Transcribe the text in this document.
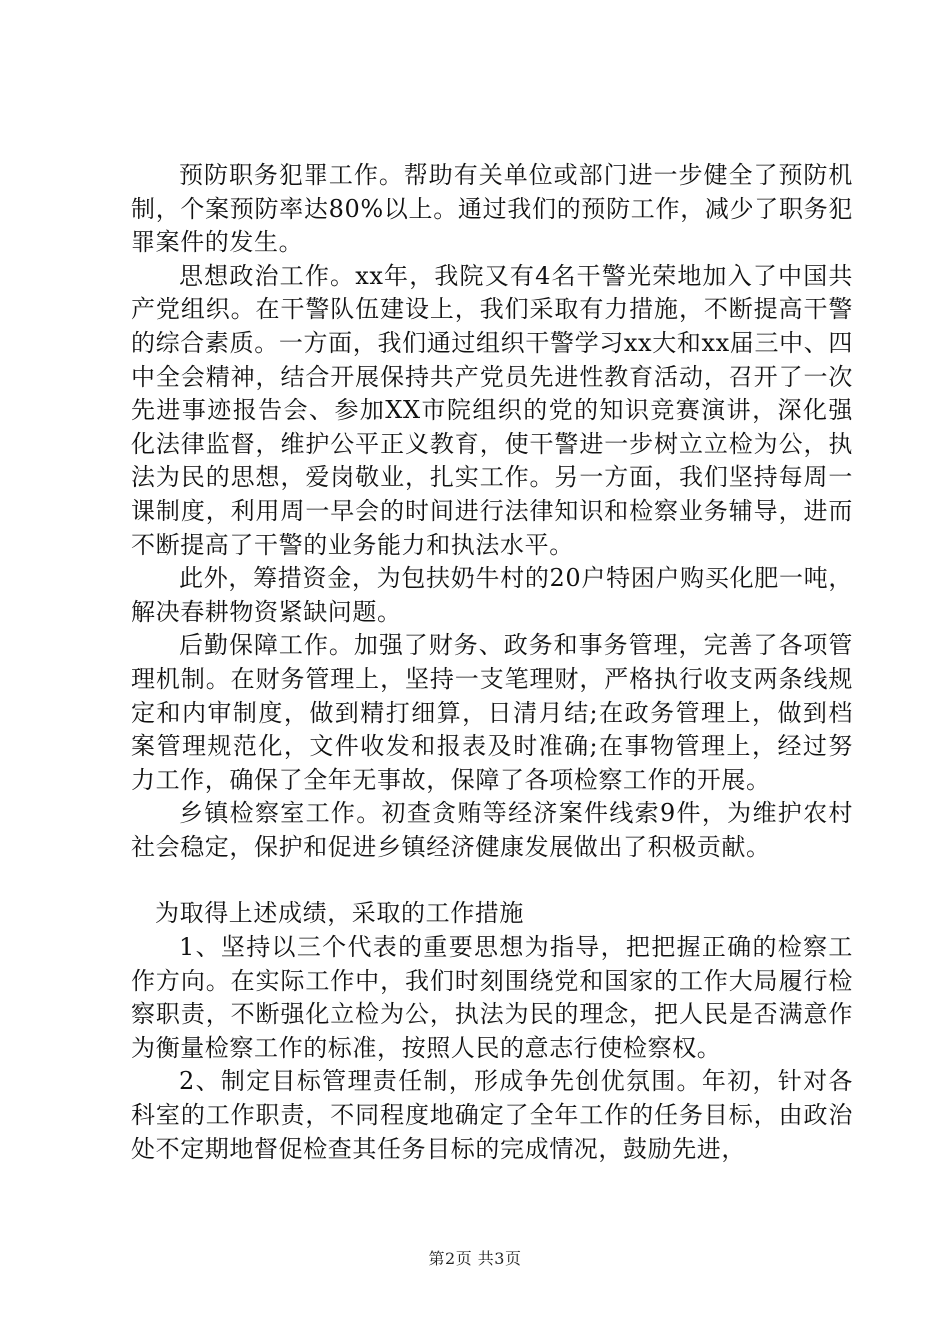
预防职务犯罪工作。帮助有关单位或部门进一步健全了预防机制，个案预防率达80%以上。通过我们的预防工作，减少了职务犯罪案件的发生。

思想政治工作。xx年，我院又有4名干警光荣地加入了中国共产党组织。在干警队伍建设上，我们采取有力措施，不断提高干警的综合素质。一方面，我们通过组织干警学习xx大和xx届三中、四中全会精神，结合开展保持共产党员先进性教育活动，召开了一次先进事迹报告会、参加XX市院组织的党的知识竞赛演讲，深化强化法律监督，维护公平正义教育，使干警进一步树立立检为公，执法为民的思想，爱岗敬业，扎实工作。另一方面，我们坚持每周一课制度，利用周一早会的时间进行法律知识和检察业务辅导，进而不断提高了干警的业务能力和执法水平。

此外，筹措资金，为包扶奶牛村的20户特困户购买化肥一吨，解决春耕物资紧缺问题。

后勤保障工作。加强了财务、政务和事务管理，完善了各项管理机制。在财务管理上，坚持一支笔理财，严格执行收支两条线规定和内审制度，做到精打细算，日清月结;在政务管理上，做到档案管理规范化，文件收发和报表及时准确;在事物管理上，经过努力工作，确保了全年无事故，保障了各项检察工作的开展。

乡镇检察室工作。初查贪贿等经济案件线索9件，为维护农村社会稳定，保护和促进乡镇经济健康发展做出了积极贡献。

为取得上述成绩，采取的工作措施

1、坚持以三个代表的重要思想为指导，把把握正确的检察工作方向。在实际工作中，我们时刻围绕党和国家的工作大局履行检察职责，不断强化立检为公，执法为民的理念，把人民是否满意作为衡量检察工作的标准，按照人民的意志行使检察权。

2、制定目标管理责任制，形成争先创优氛围。年初，针对各科室的工作职责，不同程度地确定了全年工作的任务目标，由政治处不定期地督促检查其任务目标的完成情况，鼓励先进，

第2页 共3页
